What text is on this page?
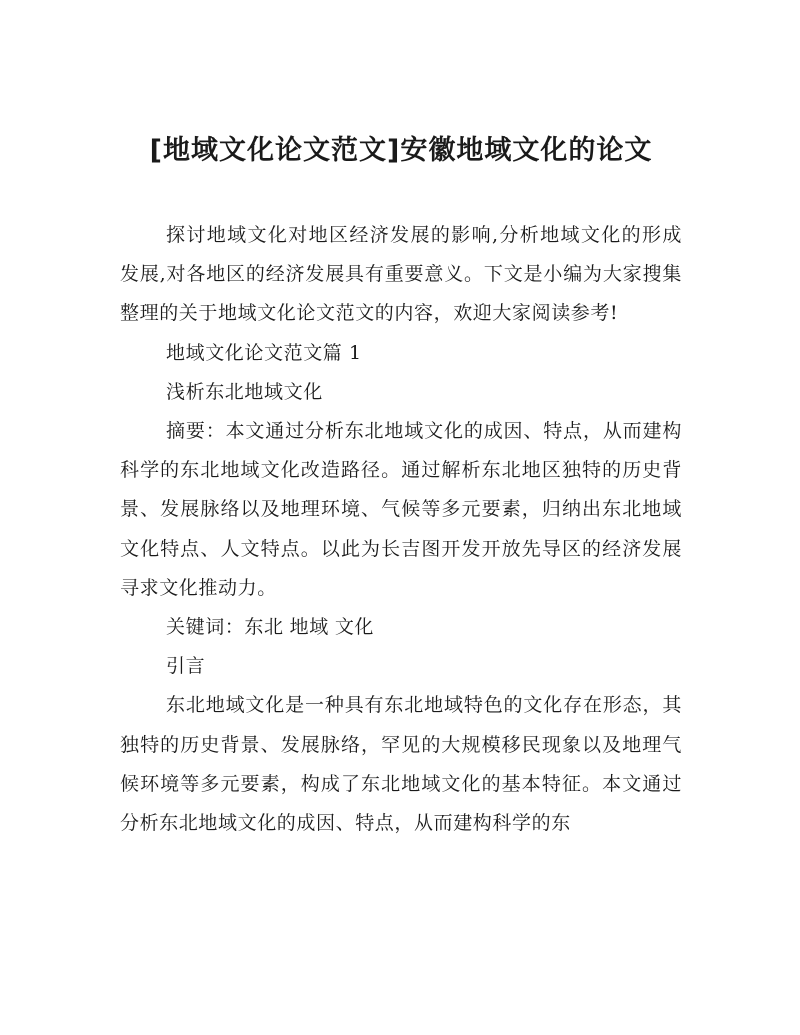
[地域文化论文范文]安徽地域文化的论文

探讨地域文化对地区经济发展的影响,分析地域文化的形成发展,对各地区的经济发展具有重要意义。下文是小编为大家搜集整理的关于地域文化论文范文的内容，欢迎大家阅读参考!

地域文化论文范文篇 1

浅析东北地域文化

摘要：本文通过分析东北地域文化的成因、特点，从而建构科学的东北地域文化改造路径。通过解析东北地区独特的历史背景、发展脉络以及地理环境、气候等多元要素，归纳出东北地域文化特点、人文特点。以此为长吉图开发开放先导区的经济发展寻求文化推动力。

关键词：东北 地域 文化

引言

东北地域文化是一种具有东北地域特色的文化存在形态，其独特的历史背景、发展脉络，罕见的大规模移民现象以及地理气候环境等多元要素，构成了东北地域文化的基本特征。本文通过分析东北地域文化的成因、特点，从而建构科学的东
